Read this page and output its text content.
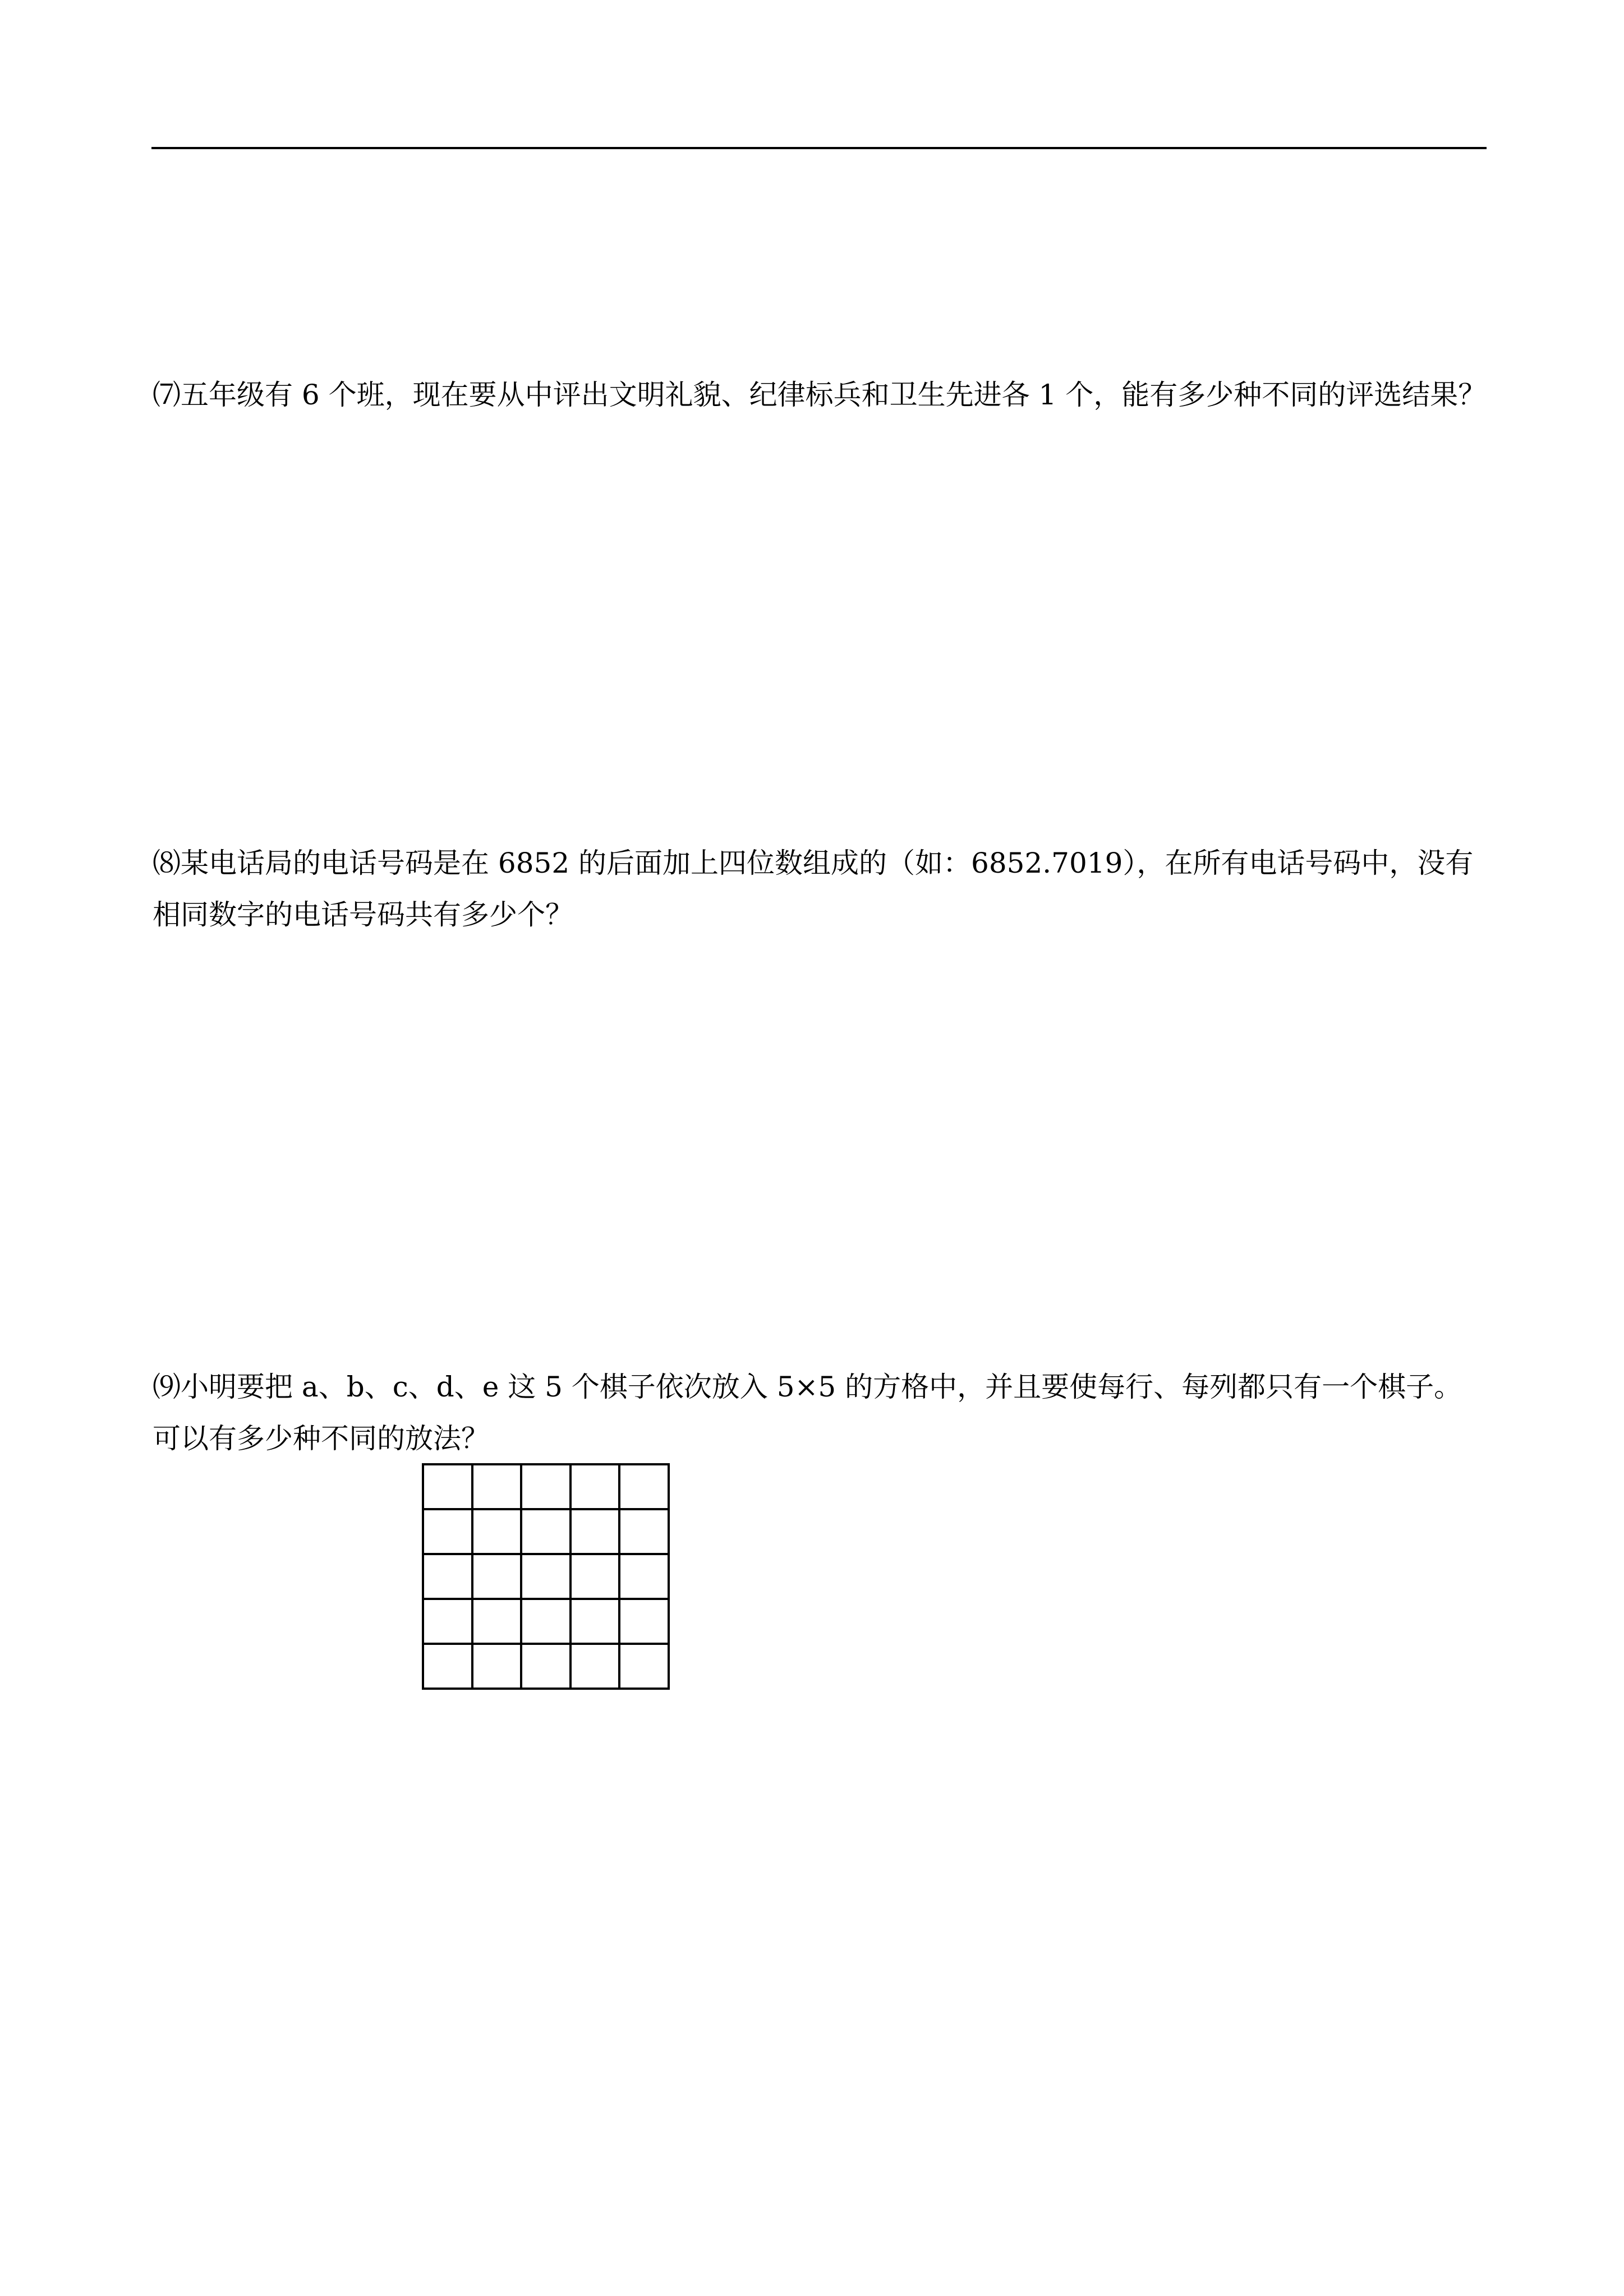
⑺五年级有 6 个班，现在要从中评出文明礼貌、纪律标兵和卫生先进各 1 个，能有多少种不同的评选结果？
⑻某电话局的电话号码是在 6852 的后面加上四位数组成的（如：6852.7019），在所有电话号码中，没有
相同数字的电话号码共有多少个？
⑼小明要把 a、b、c、d、e 这 5 个棋子依次放入 5×5 的方格中，并且要使每行、每列都只有一个棋子。
可以有多少种不同的放法？
